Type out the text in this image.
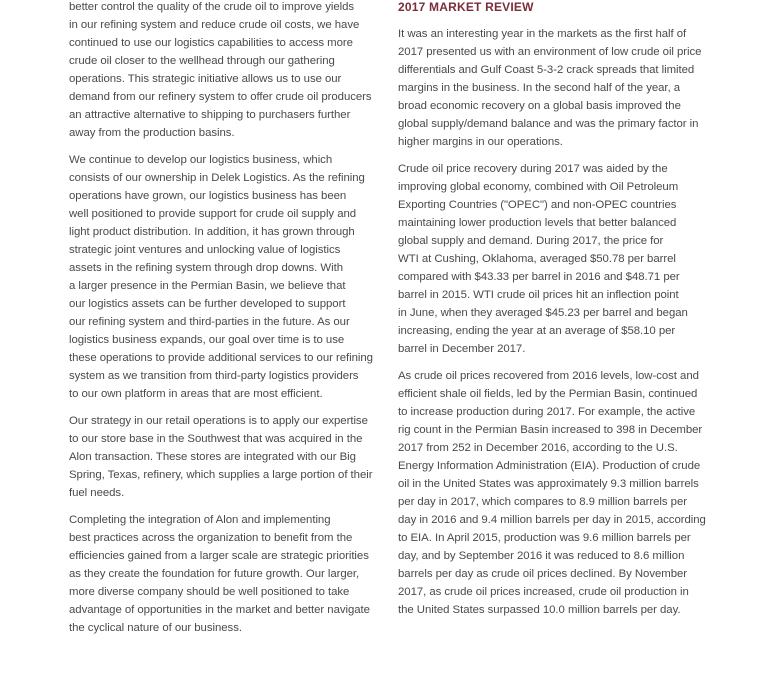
better control the quality of the crude oil to improve yields
in our refining system and reduce crude oil costs, we have
continued to use our logistics capabilities to access more
crude oil closer to the wellhead through our gathering
operations. This strategic initiative allows us to use our
demand from our refinery system to offer crude oil producers
an attractive alternative to shipping to purchasers further
away from the production basins.

We continue to develop our logistics business, which
consists of our ownership in Delek Logistics. As the refining
operations have grown, our logistics business has been
well positioned to provide support for crude oil supply and
light product distribution. In addition, it has grown through
strategic joint ventures and unlocking value of logistics
assets in the refining system through drop downs. With
a larger presence in the Permian Basin, we believe that
our logistics assets can be further developed to support
our refining system and third-parties in the future. As our
logistics business expands, our goal over time is to use
these operations to provide additional services to our refining
system as we transition from third-party logistics providers
to our own platform in areas that are most efficient.

Our strategy in our retail operations is to apply our expertise
to our store base in the Southwest that was acquired in the
Alon transaction. These stores are integrated with our Big
Spring, Texas, refinery, which supplies a large portion of their
fuel needs.

Completing the integration of Alon and implementing
best practices across the organization to benefit from the
efficiencies gained from a larger scale are strategic priorities
as they create the foundation for future growth. Our larger,
more diverse company should be well positioned to take
advantage of opportunities in the market and better navigate
the cyclical nature of our business.

2017 MARKET REVIEW

It was an interesting year in the markets as the first half of
2017 presented us with an environment of low crude oil price
differentials and Gulf Coast 5-3-2 crack spreads that limited
margins in the business. In the second half of the year, a
broad economic recovery on a global basis improved the
global supply/demand balance and was the primary factor in
higher margins in our operations.

Crude oil price recovery during 2017 was aided by the
improving global economy, combined with Oil Petroleum
Exporting Countries ("OPEC") and non-OPEC countries
maintaining lower production levels that better balanced
global supply and demand. During 2017, the price for
WTI at Cushing, Oklahoma, averaged $50.78 per barrel
compared with $43.33 per barrel in 2016 and $48.71 per
barrel in 2015. WTI crude oil prices hit an inflection point
in June, when they averaged $45.23 per barrel and began
increasing, ending the year at an average of $58.10 per
barrel in December 2017.

As crude oil prices recovered from 2016 levels, low-cost and
efficient shale oil fields, led by the Permian Basin, continued
to increase production during 2017. For example, the active
rig count in the Permian Basin increased to 398 in December
2017 from 252 in December 2016, according to the U.S.
Energy Information Administration (EIA). Production of crude
oil in the United States was approximately 9.3 million barrels
per day in 2017, which compares to 8.9 million barrels per
day in 2016 and 9.4 million barrels per day in 2015, according
to EIA. In April 2015, production was 9.6 million barrels per
day, and by September 2016 it was reduced to 8.6 million
barrels per day as crude oil prices declined. By November
2017, as crude oil prices increased, crude oil production in
the United States surpassed 10.0 million barrels per day.
